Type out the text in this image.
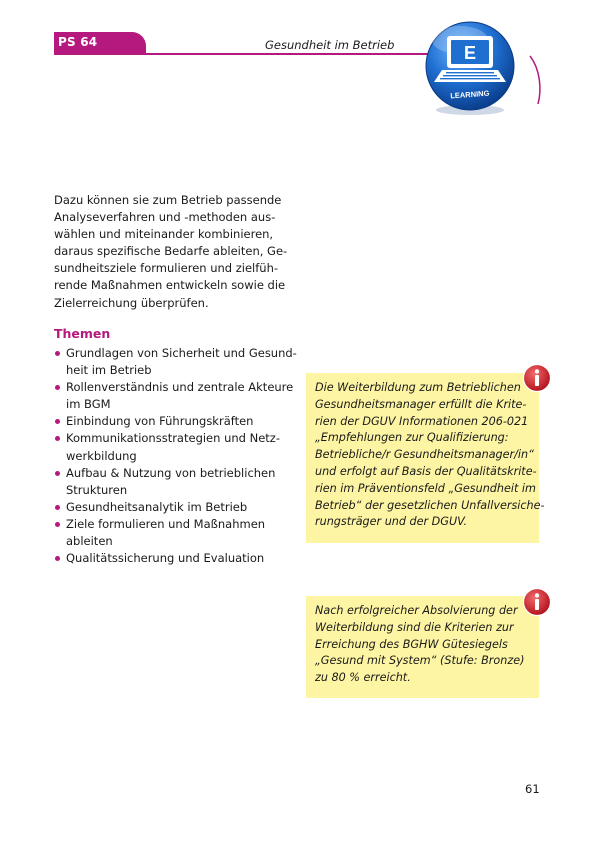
PS 64	Gesundheit im Betrieb	E
LEARNING
Dazu können sie zum Betrieb passende
Analyseverfahren und -methoden aus-
wählen und miteinander kombinieren,
daraus spezifische Bedarfe ableiten, Ge-
sundheitsziele formulieren und zielfüh-
rende Maßnahmen entwickeln sowie die
Zielerreichung überprüfen.
Themen
Grundlagen von Sicherheit und Gesund-
heit im Betrieb
Rollenverständnis und zentrale Akteure
im BGM
Einbindung von Führungskräften
Kommunikationsstrategien und Netz-
werkbildung
Aufbau & Nutzung von betrieblichen
Strukturen
Gesundheitsanalytik im Betrieb
Ziele formulieren und Maßnahmen
ableiten
Qualitätssicherung und Evaluation
Die Weiterbildung zum Betrieblichen
Gesundheitsmanager erfüllt die Krite-
rien der DGUV Informationen 206-021
„Empfehlungen zur Qualifizierung:
Betriebliche/r Gesundheitsmanager/in“
und erfolgt auf Basis der Qualitätskrite-
rien im Präventionsfeld „Gesundheit im
Betrieb“ der gesetzlichen Unfallversiche-
rungsträger und der DGUV.
Nach erfolgreicher Absolvierung der
Weiterbildung sind die Kriterien zur
Erreichung des BGHW Gütesiegels
„Gesund mit System“ (Stufe: Bronze)
zu 80 % erreicht.
61
